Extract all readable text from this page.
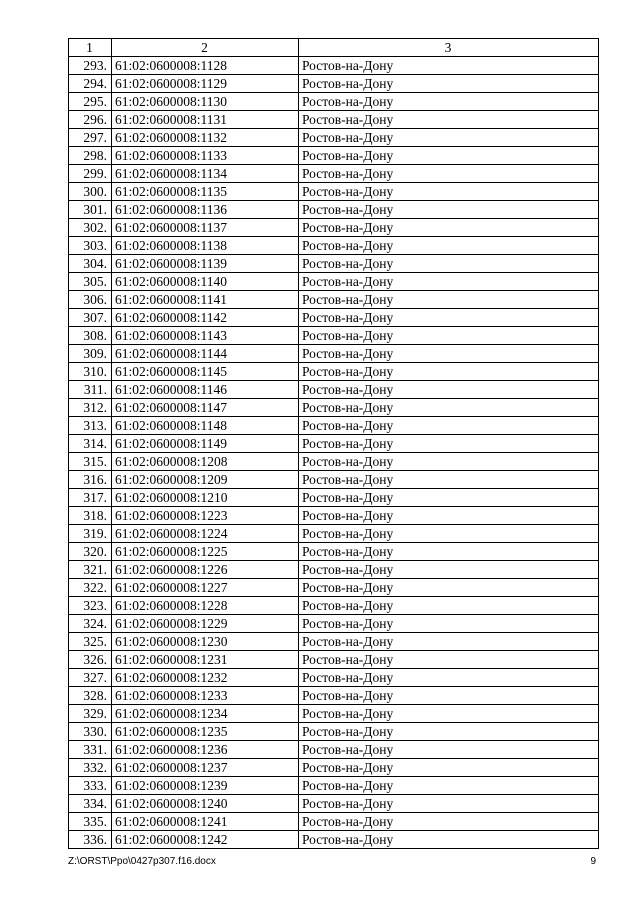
1	2	3
293.	61:02:0600008:1128	Ростов-на-Дону
294.	61:02:0600008:1129	Ростов-на-Дону
295.	61:02:0600008:1130	Ростов-на-Дону
296.	61:02:0600008:1131	Ростов-на-Дону
297.	61:02:0600008:1132	Ростов-на-Дону
298.	61:02:0600008:1133	Ростов-на-Дону
299.	61:02:0600008:1134	Ростов-на-Дону
300.	61:02:0600008:1135	Ростов-на-Дону
301.	61:02:0600008:1136	Ростов-на-Дону
302.	61:02:0600008:1137	Ростов-на-Дону
303.	61:02:0600008:1138	Ростов-на-Дону
304.	61:02:0600008:1139	Ростов-на-Дону
305.	61:02:0600008:1140	Ростов-на-Дону
306.	61:02:0600008:1141	Ростов-на-Дону
307.	61:02:0600008:1142	Ростов-на-Дону
308.	61:02:0600008:1143	Ростов-на-Дону
309.	61:02:0600008:1144	Ростов-на-Дону
310.	61:02:0600008:1145	Ростов-на-Дону
311.	61:02:0600008:1146	Ростов-на-Дону
312.	61:02:0600008:1147	Ростов-на-Дону
313.	61:02:0600008:1148	Ростов-на-Дону
314.	61:02:0600008:1149	Ростов-на-Дону
315.	61:02:0600008:1208	Ростов-на-Дону
316.	61:02:0600008:1209	Ростов-на-Дону
317.	61:02:0600008:1210	Ростов-на-Дону
318.	61:02:0600008:1223	Ростов-на-Дону
319.	61:02:0600008:1224	Ростов-на-Дону
320.	61:02:0600008:1225	Ростов-на-Дону
321.	61:02:0600008:1226	Ростов-на-Дону
322.	61:02:0600008:1227	Ростов-на-Дону
323.	61:02:0600008:1228	Ростов-на-Дону
324.	61:02:0600008:1229	Ростов-на-Дону
325.	61:02:0600008:1230	Ростов-на-Дону
326.	61:02:0600008:1231	Ростов-на-Дону
327.	61:02:0600008:1232	Ростов-на-Дону
328.	61:02:0600008:1233	Ростов-на-Дону
329.	61:02:0600008:1234	Ростов-на-Дону
330.	61:02:0600008:1235	Ростов-на-Дону
331.	61:02:0600008:1236	Ростов-на-Дону
332.	61:02:0600008:1237	Ростов-на-Дону
333.	61:02:0600008:1239	Ростов-на-Дону
334.	61:02:0600008:1240	Ростов-на-Дону
335.	61:02:0600008:1241	Ростов-на-Дону
336.	61:02:0600008:1242	Ростов-на-Дону
Z:\ORST\Ppo\0427p307.f16.docx	9
